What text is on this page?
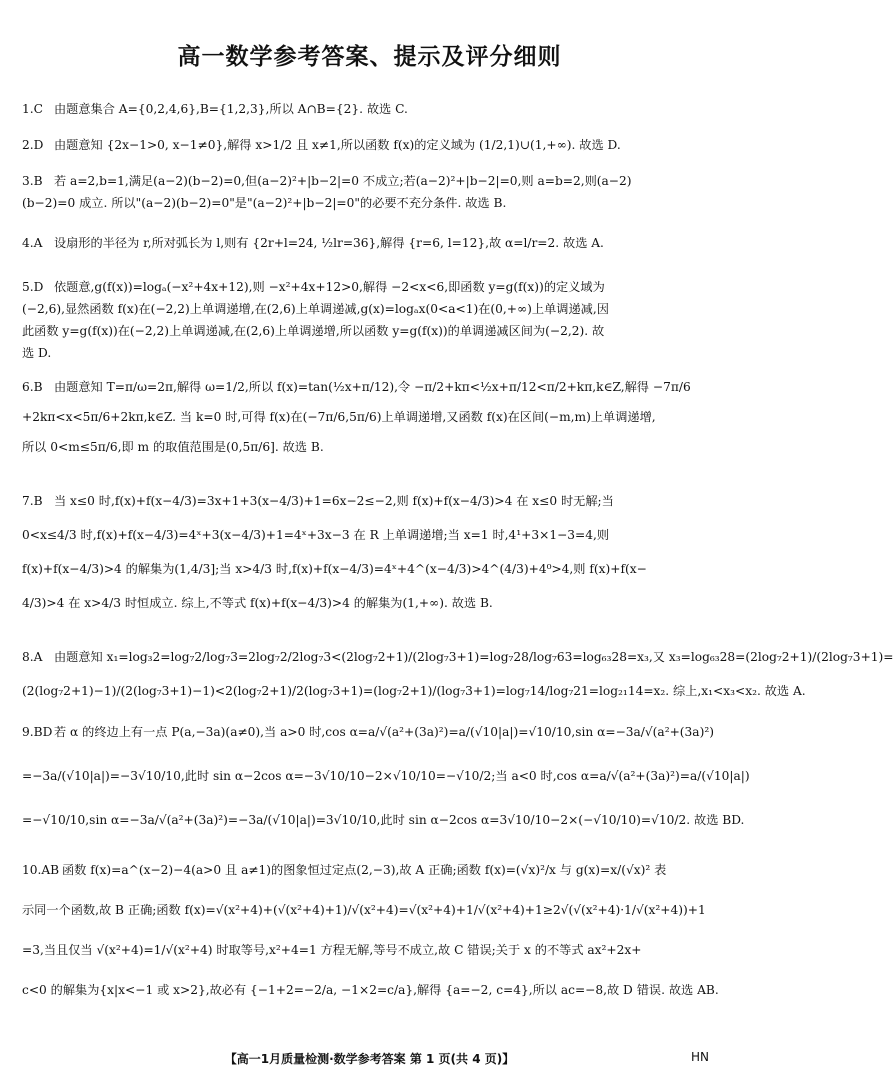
高一数学参考答案、提示及评分细则
1.C 由题意集合 A={0,2,4,6},B={1,2,3},所以 A∩B={2}. 故选 C.
2.D 由题意知 {2x−1>0, x−1≠0},解得 x>1/2 且 x≠1,所以函数 f(x)的定义域为 (1/2,1)∪(1,+∞). 故选 D.
3.B 若 a=2,b=1,满足(a−2)(b−2)=0,但(a−2)²+|b−2|=0 不成立;若(a−2)²+|b−2|=0,则 a=b=2,则(a−2)
(b−2)=0 成立. 所以"(a−2)(b−2)=0"是"(a−2)²+|b−2|=0"的必要不充分条件. 故选 B.
4.A 设扇形的半径为 r,所对弧长为 l,则有 {2r+l=24, ½lr=36},解得 {r=6, l=12},故 α=l/r=2. 故选 A.
5.D 依题意,g(f(x))=logₐ(−x²+4x+12),则 −x²+4x+12>0,解得 −2<x<6,即函数 y=g(f(x))的定义域为
(−2,6),显然函数 f(x)在(−2,2)上单调递增,在(2,6)上单调递减,g(x)=logₐx(0<a<1)在(0,+∞)上单调递减,因
此函数 y=g(f(x))在(−2,2)上单调递减,在(2,6)上单调递增,所以函数 y=g(f(x))的单调递减区间为(−2,2). 故
选 D.
6.B 由题意知 T=π/ω=2π,解得 ω=1/2,所以 f(x)=tan(½x+π/12),令 −π/2+kπ<½x+π/12<π/2+kπ,k∈Z,解得 −7π/6
+2kπ<x<5π/6+2kπ,k∈Z. 当 k=0 时,可得 f(x)在(−7π/6,5π/6)上单调递增,又函数 f(x)在区间(−m,m)上单调递增,
所以 0<m≤5π/6,即 m 的取值范围是(0,5π/6]. 故选 B.
7.B 当 x≤0 时,f(x)+f(x−4/3)=3x+1+3(x−4/3)+1=6x−2≤−2,则 f(x)+f(x−4/3)>4 在 x≤0 时无解;当
0<x≤4/3 时,f(x)+f(x−4/3)=4ˣ+3(x−4/3)+1=4ˣ+3x−3 在 R 上单调递增;当 x=1 时,4¹+3×1−3=4,则
f(x)+f(x−4/3)>4 的解集为(1,4/3];当 x>4/3 时,f(x)+f(x−4/3)=4ˣ+4^(x−4/3)>4^(4/3)+4⁰>4,则 f(x)+f(x−
4/3)>4 在 x>4/3 时恒成立. 综上,不等式 f(x)+f(x−4/3)>4 的解集为(1,+∞). 故选 B.
8.A 由题意知 x₁=log₃2=log₇2/log₇3=2log₇2/2log₇3<(2log₇2+1)/(2log₇3+1)=log₇28/log₇63=log₆₃28=x₃,又 x₃=log₆₃28=(2log₇2+1)/(2log₇3+1)=
(2(log₇2+1)−1)/(2(log₇3+1)−1)<2(log₇2+1)/2(log₇3+1)=(log₇2+1)/(log₇3+1)=log₇14/log₇21=log₂₁14=x₂. 综上,x₁<x₃<x₂. 故选 A.
9.BD 若 α 的终边上有一点 P(a,−3a)(a≠0),当 a>0 时,cos α=a/√(a²+(3a)²)=a/(√10|a|)=√10/10,sin α=−3a/√(a²+(3a)²)
=−3a/(√10|a|)=−3√10/10,此时 sin α−2cos α=−3√10/10−2×√10/10=−√10/2;当 a<0 时,cos α=a/√(a²+(3a)²)=a/(√10|a|)
=−√10/10,sin α=−3a/√(a²+(3a)²)=−3a/(√10|a|)=3√10/10,此时 sin α−2cos α=3√10/10−2×(−√10/10)=√10/2. 故选 BD.
10.AB 函数 f(x)=a^(x−2)−4(a>0 且 a≠1)的图象恒过定点(2,−3),故 A 正确;函数 f(x)=(√x)²/x 与 g(x)=x/(√x)² 表
示同一个函数,故 B 正确;函数 f(x)=√(x²+4)+(√(x²+4)+1)/√(x²+4)=√(x²+4)+1/√(x²+4)+1≥2√(√(x²+4)·1/√(x²+4))+1
=3,当且仅当 √(x²+4)=1/√(x²+4) 时取等号,x²+4=1 方程无解,等号不成立,故 C 错误;关于 x 的不等式 ax²+2x+
c<0 的解集为{x|x<−1 或 x>2},故必有 {−1+2=−2/a, −1×2=c/a},解得 {a=−2, c=4},所以 ac=−8,故 D 错误. 故选 AB.
【高一1月质量检测·数学参考答案 第 1 页(共 4 页)】	HN
